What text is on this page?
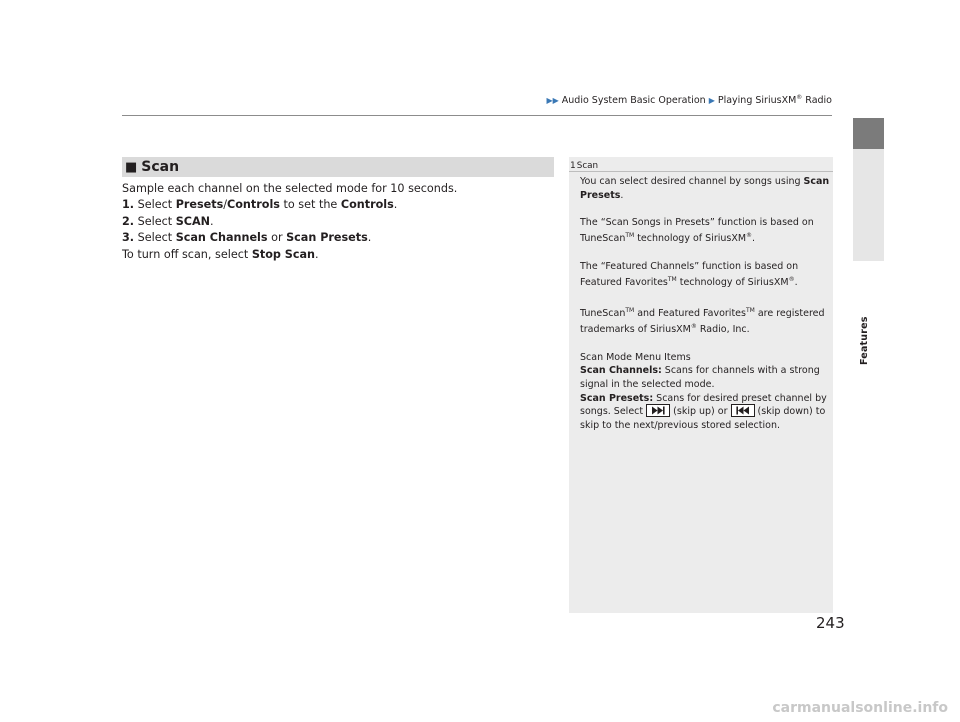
▶▶ Audio System Basic Operation ▶ Playing SiriusXM® Radio
Features
■ Scan
Sample each channel on the selected mode for 10 seconds.
1. Select Presets/Controls to set the Controls.
2. Select SCAN.
3. Select Scan Channels or Scan Presets.
To turn off scan, select Stop Scan.
1 Scan

You can select desired channel by songs using Scan
Presets.

The “Scan Songs in Presets” function is based on
TuneScan™ technology of SiriusXM®.

The “Featured Channels” function is based on
Featured Favorites™ technology of SiriusXM®.

TuneScan™ and Featured Favorites™ are registered
trademarks of SiriusXM® Radio, Inc.

Scan Mode Menu Items
Scan Channels: Scans for channels with a strong
signal in the selected mode.
Scan Presets: Scans for desired preset channel by
songs. Select	(skip up) or	(skip down) to
skip to the next/previous stored selection.

243
carmanualsonline.info
